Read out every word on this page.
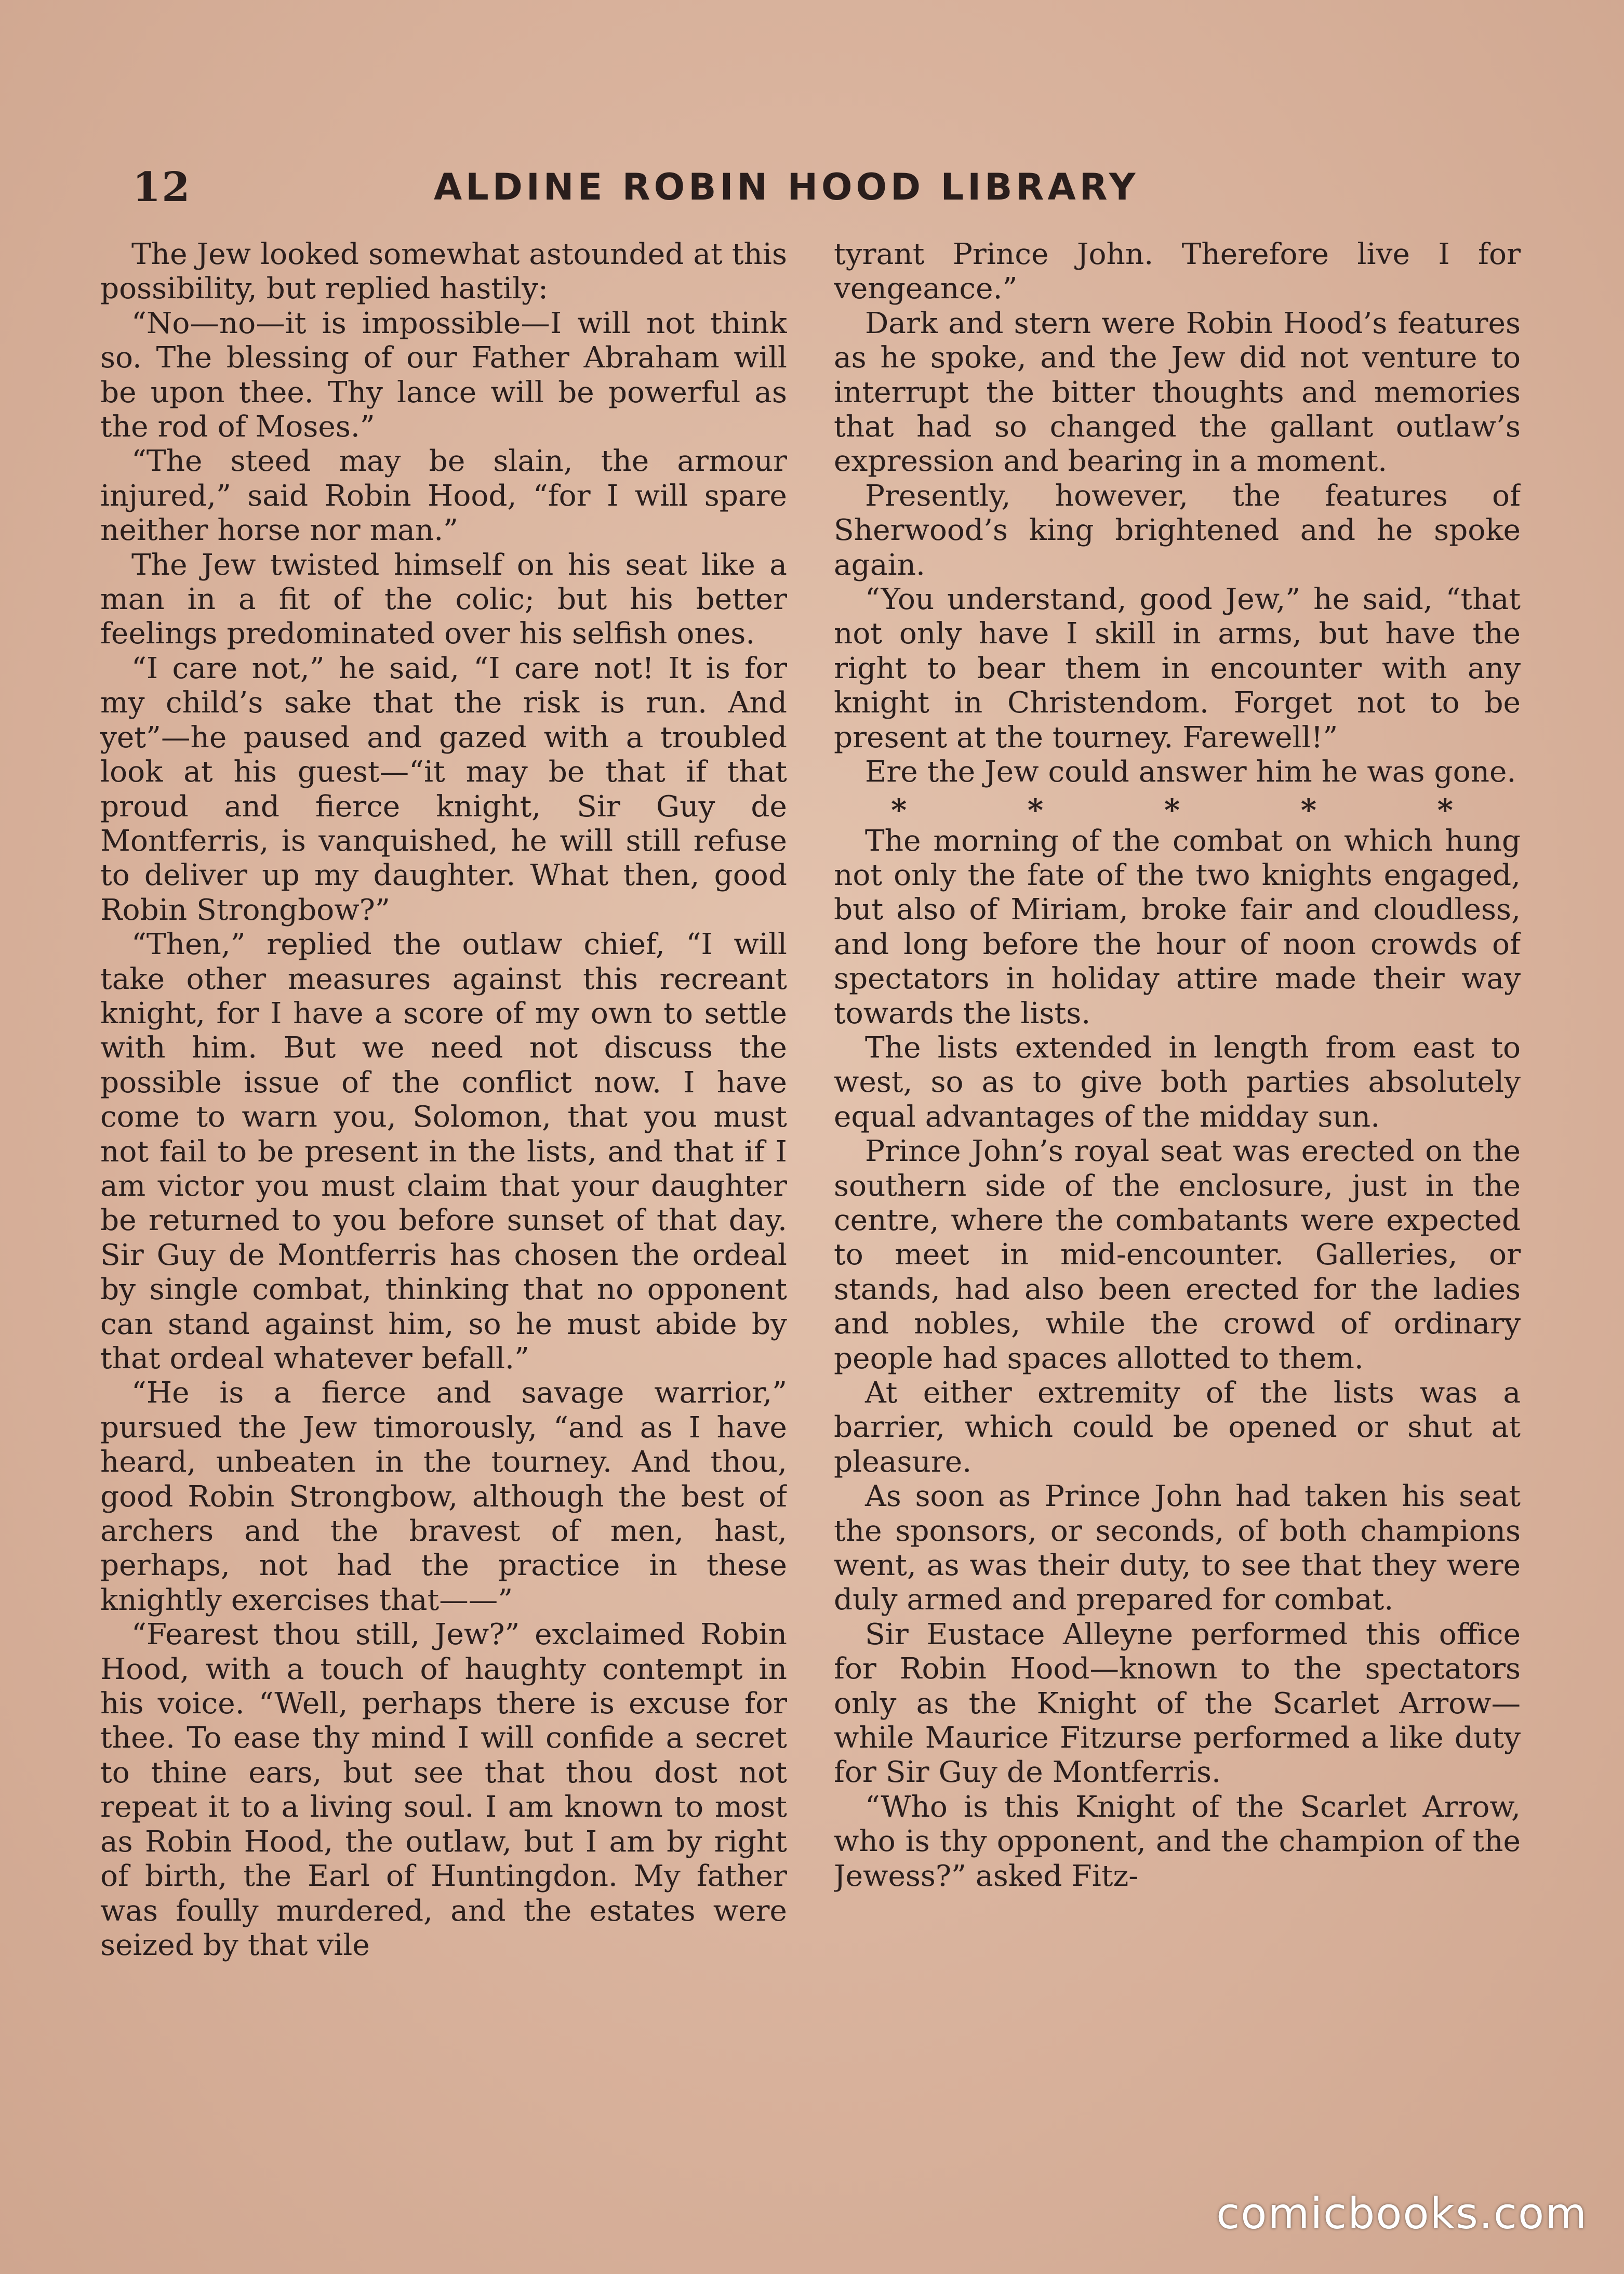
12	ALDINE ROBIN HOOD LIBRARY

The Jew looked somewhat astounded at this possibility, but replied hastily:

“No—no—it is impossible—I will not think so. The blessing of our Father Abraham will be upon thee. Thy lance will be powerful as the rod of Moses.”

“The steed may be slain, the armour injured,” said Robin Hood, “for I will spare neither horse nor man.”

The Jew twisted himself on his seat like a man in a fit of the colic; but his better feelings predominated over his selfish ones.

“I care not,” he said, “I care not! It is for my child’s sake that the risk is run. And yet”—he paused and gazed with a troubled look at his guest—“it may be that if that proud and fierce knight, Sir Guy de Montferris, is vanquished, he will still refuse to deliver up my daughter. What then, good Robin Strongbow?”

“Then,” replied the outlaw chief, “I will take other measures against this recreant knight, for I have a score of my own to settle with him. But we need not discuss the possible issue of the conflict now. I have come to warn you, Solomon, that you must not fail to be present in the lists, and that if I am victor you must claim that your daughter be returned to you before sunset of that day. Sir Guy de Montferris has chosen the ordeal by single combat, thinking that no opponent can stand against him, so he must abide by that ordeal whatever befall.”

“He is a fierce and savage warrior,” pursued the Jew timorously, “and as I have heard, unbeaten in the tourney. And thou, good Robin Strongbow, although the best of archers and the bravest of men, hast, perhaps, not had the practice in these knightly exercises that——”

“Fearest thou still, Jew?” exclaimed Robin Hood, with a touch of haughty contempt in his voice. “Well, perhaps there is excuse for thee. To ease thy mind I will confide a secret to thine ears, but see that thou dost not repeat it to a living soul. I am known to most as Robin Hood, the outlaw, but I am by right of birth, the Earl of Huntingdon. My father was foully murdered, and the estates were seized by that vile

tyrant Prince John. Therefore live I for vengeance.”

Dark and stern were Robin Hood’s features as he spoke, and the Jew did not venture to interrupt the bitter thoughts and memories that had so changed the gallant outlaw’s expression and bearing in a moment.

Presently, however, the features of Sherwood’s king brightened and he spoke again.

“You understand, good Jew,” he said, “that not only have I skill in arms, but have the right to bear them in encounter with any knight in Christendom. Forget not to be present at the tourney. Farewell!”

Ere the Jew could answer him he was gone.

*	*	*	*	*

The morning of the combat on which hung not only the fate of the two knights engaged, but also of Miriam, broke fair and cloudless, and long before the hour of noon crowds of spectators in holiday attire made their way towards the lists.

The lists extended in length from east to west, so as to give both parties absolutely equal advantages of the midday sun.

Prince John’s royal seat was erected on the southern side of the enclosure, just in the centre, where the combatants were expected to meet in mid-encounter. Galleries, or stands, had also been erected for the ladies and nobles, while the crowd of ordinary people had spaces allotted to them.

At either extremity of the lists was a barrier, which could be opened or shut at pleasure.

As soon as Prince John had taken his seat the sponsors, or seconds, of both champions went, as was their duty, to see that they were duly armed and prepared for combat.

Sir Eustace Alleyne performed this office for Robin Hood—known to the spectators only as the Knight of the Scarlet Arrow—while Maurice Fitzurse performed a like duty for Sir Guy de Montferris.

“Who is this Knight of the Scarlet Arrow, who is thy opponent, and the champion of the Jewess?” asked Fitz-

comicbooks.com
